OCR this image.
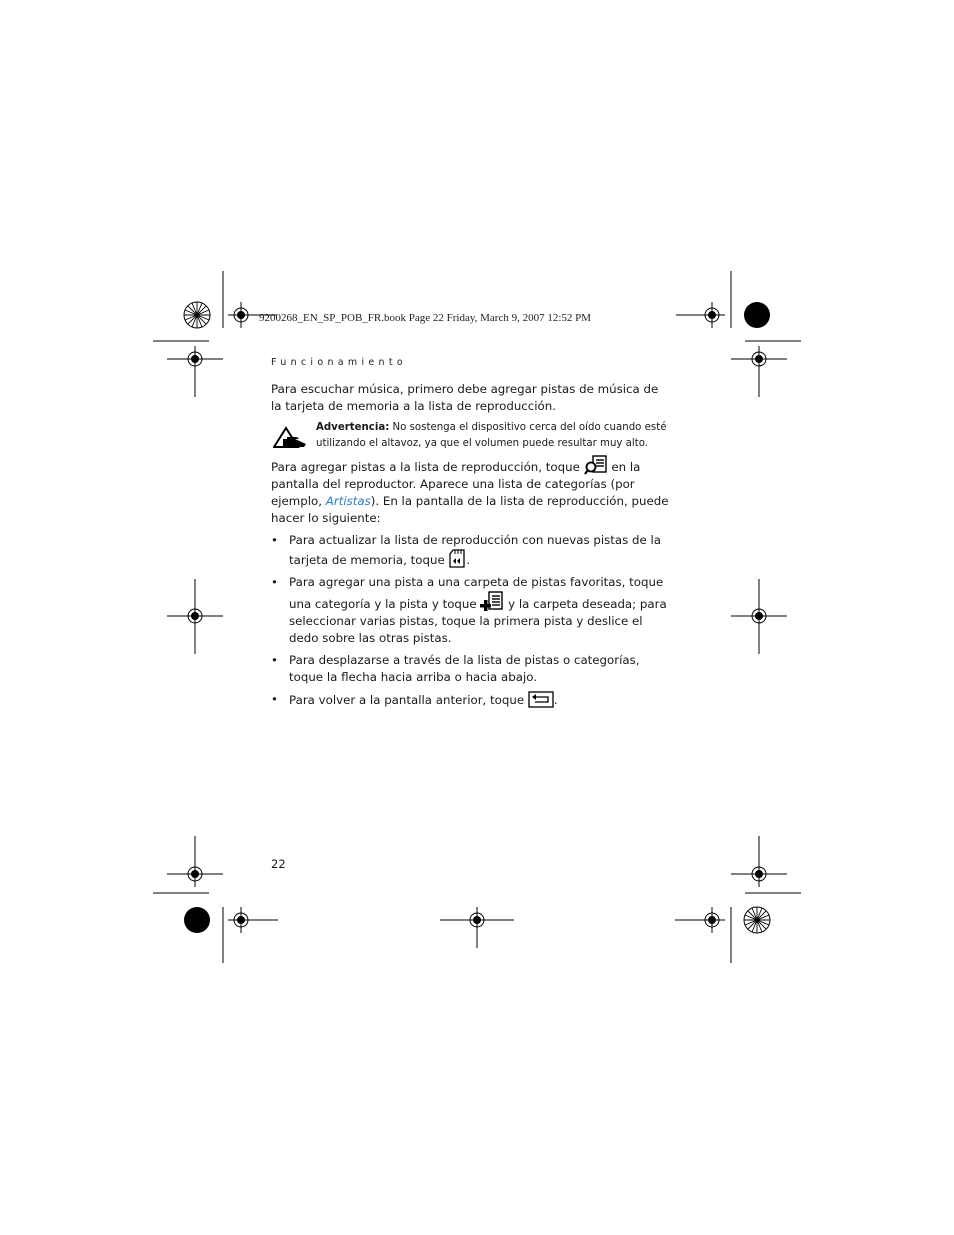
9200268_EN_SP_POB_FR.book Page 22 Friday, March 9, 2007 12:52 PM
Funcionamiento

Para escuchar música, primero debe agregar pistas de música de la tarjeta de memoria a la lista de reproducción.

Advertencia: No sostenga el dispositivo cerca del oído cuando esté utilizando el altavoz, ya que el volumen puede resultar muy alto.

Para agregar pistas a la lista de reproducción, toque  en la pantalla del reproductor. Aparece una lista de categorías (por ejemplo, Artistas). En la pantalla de la lista de reproducción, puede hacer lo siguiente:

• Para actualizar la lista de reproducción con nuevas pistas de la tarjeta de memoria, toque .
• Para agregar una pista a una carpeta de pistas favoritas, toque una categoría y la pista y toque  y la carpeta deseada; para seleccionar varias pistas, toque la primera pista y deslice el dedo sobre las otras pistas.
• Para desplazarse a través de la lista de pistas o categorías, toque la flecha hacia arriba o hacia abajo.
• Para volver a la pantalla anterior, toque .
22
